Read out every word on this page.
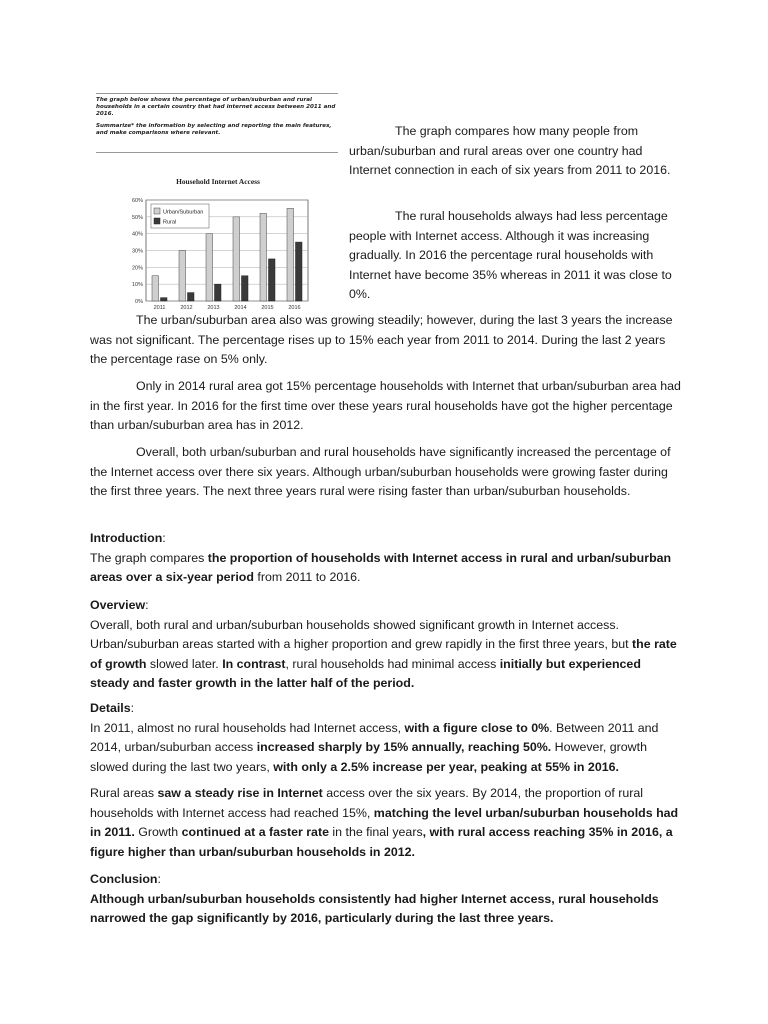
The graph below shows the percentage of urban/suburban and rural households in a certain country that had internet access between 2011 and 2016.

Summarize* the information by selecting and reporting the main features, and make comparisons where relevant.

Household Internet Access
0%
10%
20%
30%
40%
50%
60%
2011	2012	2013	2014	2015	2016
Urban/Suburban
Rural

The graph compares how many people from urban/suburban and rural areas over one country had Internet connection in each of six years from 2011 to 2016.

The rural households always had less percentage people with Internet access. Although it was increasing gradually. In 2016 the percentage rural households with Internet have become 35% whereas in 2011 it was close to 0%.

The urban/suburban area also was growing steadily; however, during the last 3 years the increase was not significant. The percentage rises up to 15% each year from 2011 to 2014. During the last 2 years the percentage rase on 5% only.

Only in 2014 rural area got 15% percentage households with Internet that urban/suburban area had in the first year. In 2016 for the first time over these years rural households have got the higher percentage than urban/suburban area has in 2012.

Overall, both urban/suburban and rural households have significantly increased the percentage of the Internet access over there six years. Although urban/suburban households were growing faster during the first three years. The next three years rural were rising faster than urban/suburban households.

Introduction:
The graph compares the proportion of households with Internet access in rural and urban/suburban areas over a six-year period from 2011 to 2016.

Overview:
Overall, both rural and urban/suburban households showed significant growth in Internet access. Urban/suburban areas started with a higher proportion and grew rapidly in the first three years, but the rate of growth slowed later. In contrast, rural households had minimal access initially but experienced steady and faster growth in the latter half of the period.

Details:
In 2011, almost no rural households had Internet access, with a figure close to 0%. Between 2011 and 2014, urban/suburban access increased sharply by 15% annually, reaching 50%. However, growth slowed during the last two years, with only a 2.5% increase per year, peaking at 55% in 2016.

Rural areas saw a steady rise in Internet access over the six years. By 2014, the proportion of rural households with Internet access had reached 15%, matching the level urban/suburban households had in 2011. Growth continued at a faster rate in the final years, with rural access reaching 35% in 2016, a figure higher than urban/suburban households in 2012.

Conclusion:
Although urban/suburban households consistently had higher Internet access, rural households narrowed the gap significantly by 2016, particularly during the last three years.
